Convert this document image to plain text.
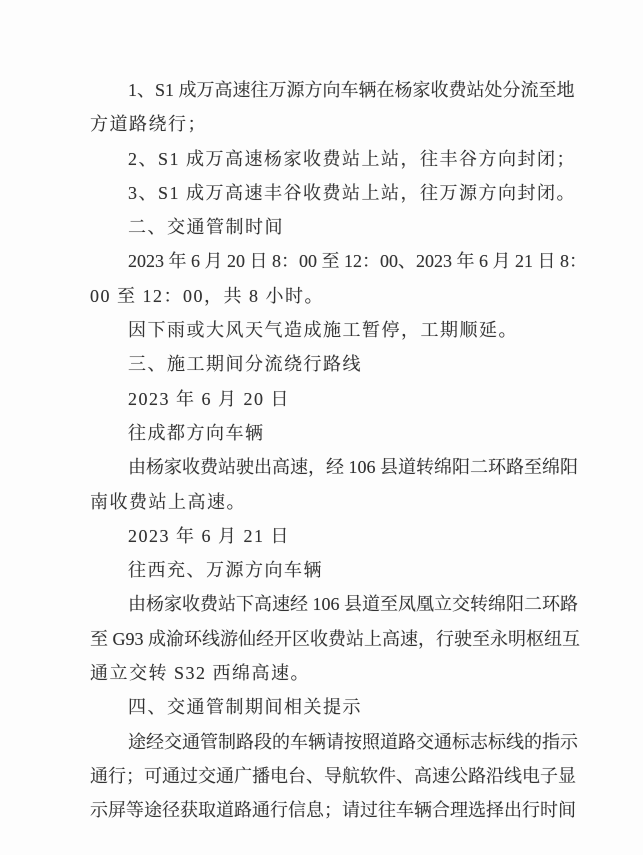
1 、 S 1
成 万 高 速 往 万 源 方 向 车 辆 在 杨 家 收 费 站 处 分 流 至 地
方道路绕行；
2、S1 成万高速杨家收费站上站，往丰谷方向封闭；
3、S1 成万高速丰谷收费站上站，往万源方向封闭。
二、交通管制时间
2 0 2 3
年
6
月
2 0
日
8 ： 0 0
至
1 2 ： 0 0 、 2 0 2 3
年
6
月
2 1
日
8 ：
00 至 12：00，共 8 小时。
因下雨或大风天气造成施工暂停，工期顺延。
三、施工期间分流绕行路线
2023 年 6 月 20 日
往成都方向车辆
由 杨 家 收 费 站 驶 出 高 速 ， 经
1 0 6
县 道 转 绵 阳 二 环 路 至 绵 阳
南收费站上高速。
2023 年 6 月 21 日
往西充、万源方向车辆
由 杨 家 收 费 站 下 高 速 经
1 0 6
县 道 至 凤 凰 立 交 转 绵 阳 二 环 路
至
G 9 3
成 渝 环 线 游 仙 经 开 区 收 费 站 上 高 速 ， 行 驶 至 永 明 枢 纽 互
通立交转 S32 西绵高速。
四、交通管制期间相关提示
途 经 交 通 管 制 路 段 的 车 辆 请 按 照 道 路 交 通 标 志 标 线 的 指 示
通 行 ； 可 通 过 交 通 广 播 电 台 、 导 航 软 件 、 高 速 公 路 沿 线 电 子 显
示 屏 等 途 径 获 取 道 路 通 行 信 息 ； 请 过 往 车 辆 合 理 选 择 出 行 时 间
